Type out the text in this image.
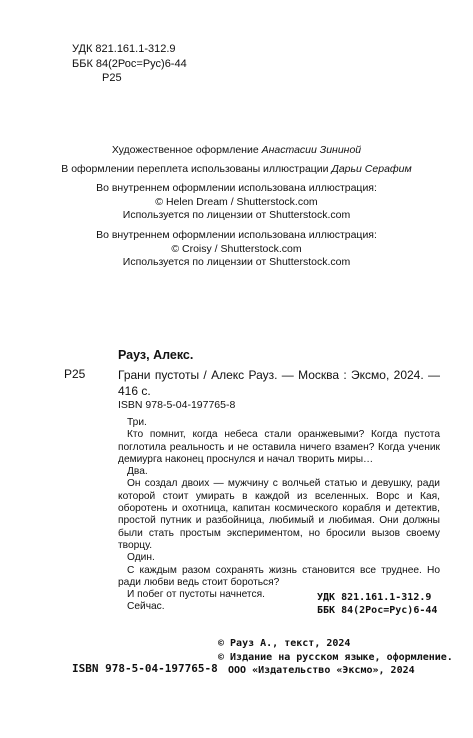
УДК 821.161.1-312.9
ББК 84(2Рос=Рус)6-44
Р25
Художественное оформление Анастасии Зининой
В оформлении переплета использованы иллюстрации Дарьи Серафим
Во внутреннем оформлении использована иллюстрация:
© Helen Dream / Shutterstock.com
Используется по лицензии от Shutterstock.com
Во внутреннем оформлении использована иллюстрация:
© Croisy / Shutterstock.com
Используется по лицензии от Shutterstock.com
Рауз, Алекс.
Р25	Грани пустоты / Алекс Рауз. — Москва : Эксмо, 2024. — 416 с.
ISBN 978-5-04-197765-8

Три.

Кто помнит, когда небеса стали оранжевыми? Когда пустота поглотила реальность и не оставила ничего взамен? Когда ученик демиурга наконец проснулся и начал творить миры…

Два.

Он создал двоих — мужчину с волчьей статью и девушку, ради которой стоит умирать в каждой из вселенных. Ворс и Кая, оборотень и охотница, капитан космического корабля и детектив, простой путник и разбойница, любимый и любимая. Они должны были стать простым экспериментом, но бросили вызов своему творцу.

Один.

С каждым разом сохранять жизнь становится все труднее. Но ради любви ведь стоит бороться?

И побег от пустоты начнется.

Сейчас.

УДК 821.161.1-312.9
ББК 84(2Рос=Рус)6-44
© Рауз А., текст, 2024
© Издание на русском языке, оформление.
ООО «Издательство «Эксмо», 2024
ISBN 978-5-04-197765-8
